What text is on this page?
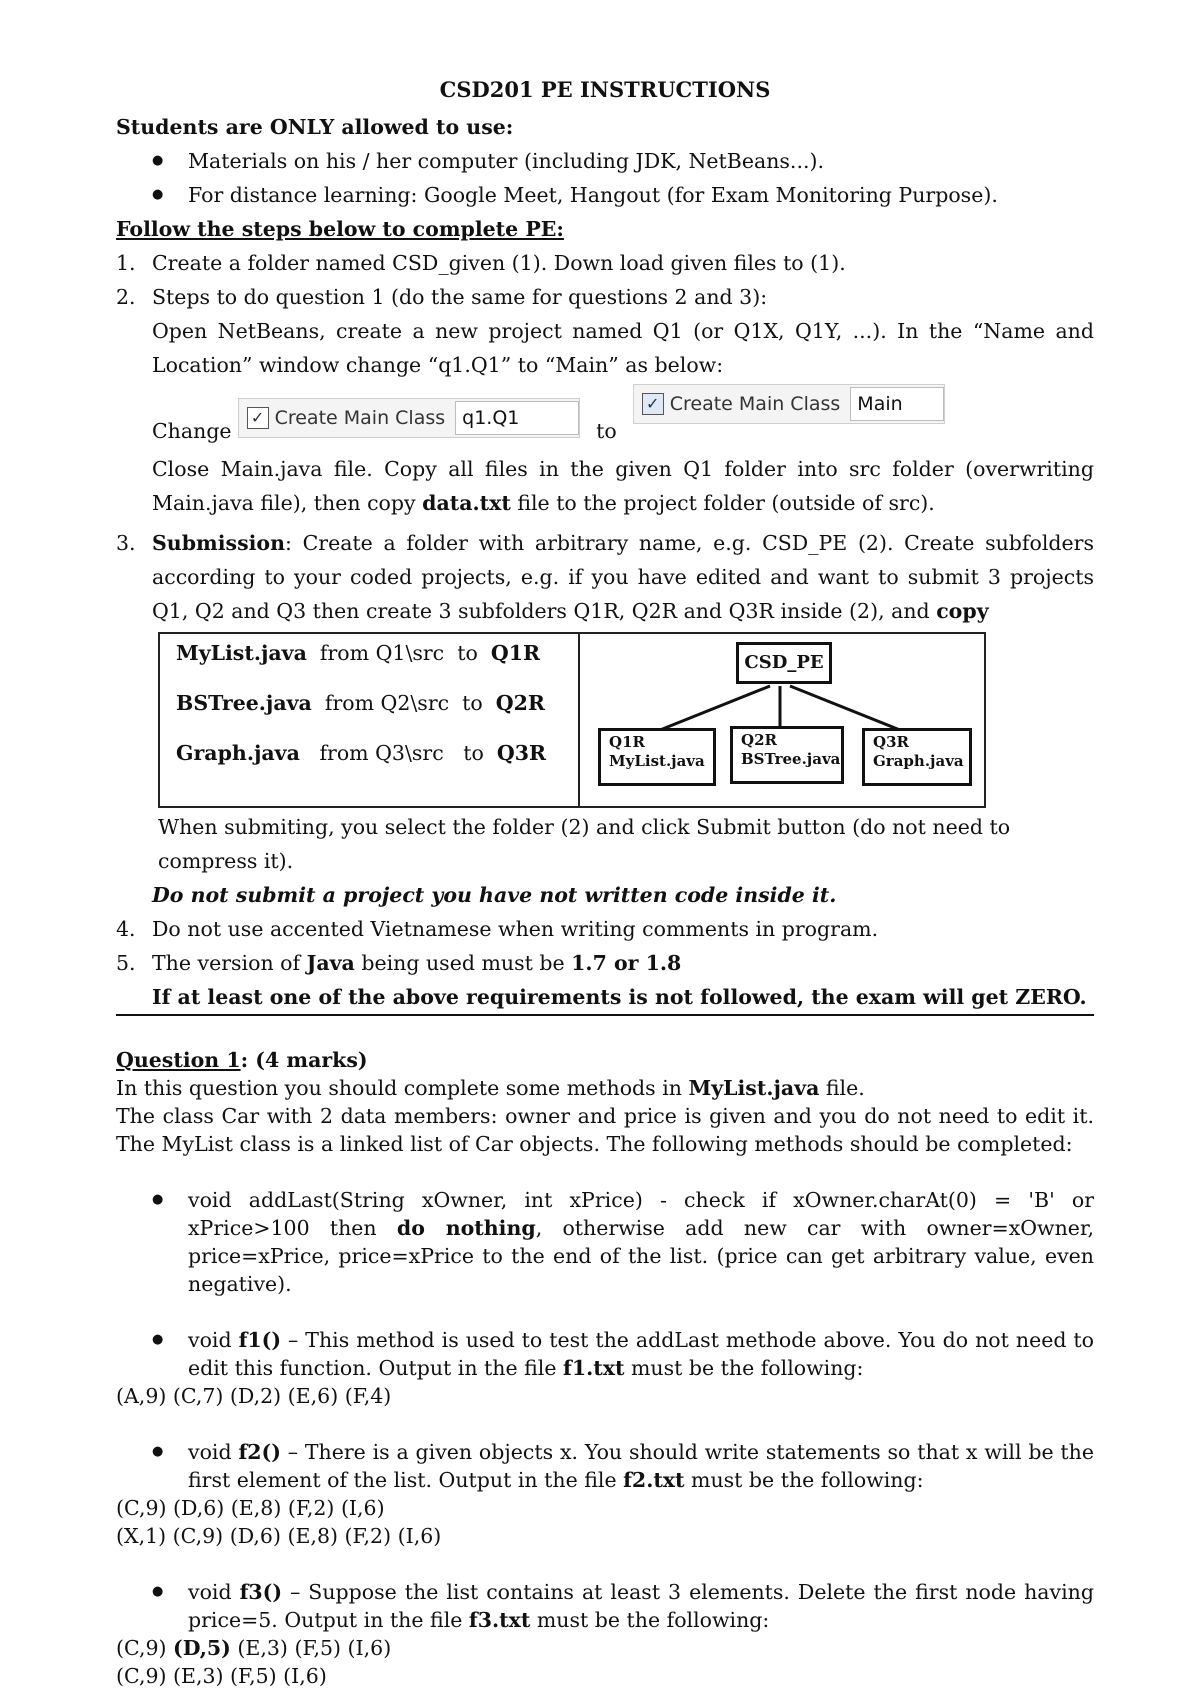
CSD201 PE INSTRUCTIONS

Students are ONLY allowed to use:
● Materials on his / her computer (including JDK, NetBeans...).
● For distance learning: Google Meet, Hangout (for Exam Monitoring Purpose).
Follow the steps below to complete PE:
1. Create a folder named CSD_given (1). Down load given files to (1).
2. Steps to do question 1 (do the same for questions 2 and 3):
Open NetBeans, create a new project named Q1 (or Q1X, Q1Y, ...). In the “Name and Location” window change “q1.Q1” to “Main” as below:
Change
✓ Create Main Class q1.Q1
to
✓ Create Main Class Main
Close Main.java file. Copy all files in the given Q1 folder into src folder (overwriting Main.java file), then copy data.txt file to the project folder (outside of src).
3. Submission: Create a folder with arbitrary name, e.g. CSD_PE (2). Create subfolders according to your coded projects, e.g. if you have edited and want to submit 3 projects Q1, Q2 and Q3 then create 3 subfolders Q1R, Q2R and Q3R inside (2), and copy
MyList.java from Q1\src to Q1R
BSTree.java from Q2\src to Q2R
Graph.java from Q3\src to Q3R
CSD_PE
Q1R
MyList.java
Q2R
BSTree.java
Q3R
Graph.java
When submiting, you select the folder (2) and click Submit button (do not need to compress it).
Do not submit a project you have not written code inside it.
4. Do not use accented Vietnamese when writing comments in program.
5. The version of Java being used must be 1.7 or 1.8
If at least one of the above requirements is not followed, the exam will get ZERO.
Question 1: (4 marks)
In this question you should complete some methods in MyList.java file.
The class Car with 2 data members: owner and price is given and you do not need to edit it. The MyList class is a linked list of Car objects. The following methods should be completed:
● void addLast(String xOwner, int xPrice) - check if xOwner.charAt(0) = 'B' or xPrice>100 then do nothing, otherwise add new car with owner=xOwner, price=xPrice, price=xPrice to the end of the list. (price can get arbitrary value, even negative).
● void f1() – This method is used to test the addLast methode above. You do not need to edit this function. Output in the file f1.txt must be the following:
(A,9) (C,7) (D,2) (E,6) (F,4)
● void f2() – There is a given objects x. You should write statements so that x will be the first element of the list. Output in the file f2.txt must be the following:
(C,9) (D,6) (E,8) (F,2) (I,6)
(X,1) (C,9) (D,6) (E,8) (F,2) (I,6)
● void f3() – Suppose the list contains at least 3 elements. Delete the first node having price=5. Output in the file f3.txt must be the following:
(C,9) (D,5) (E,3) (F,5) (I,6)
(C,9) (E,3) (F,5) (I,6)
